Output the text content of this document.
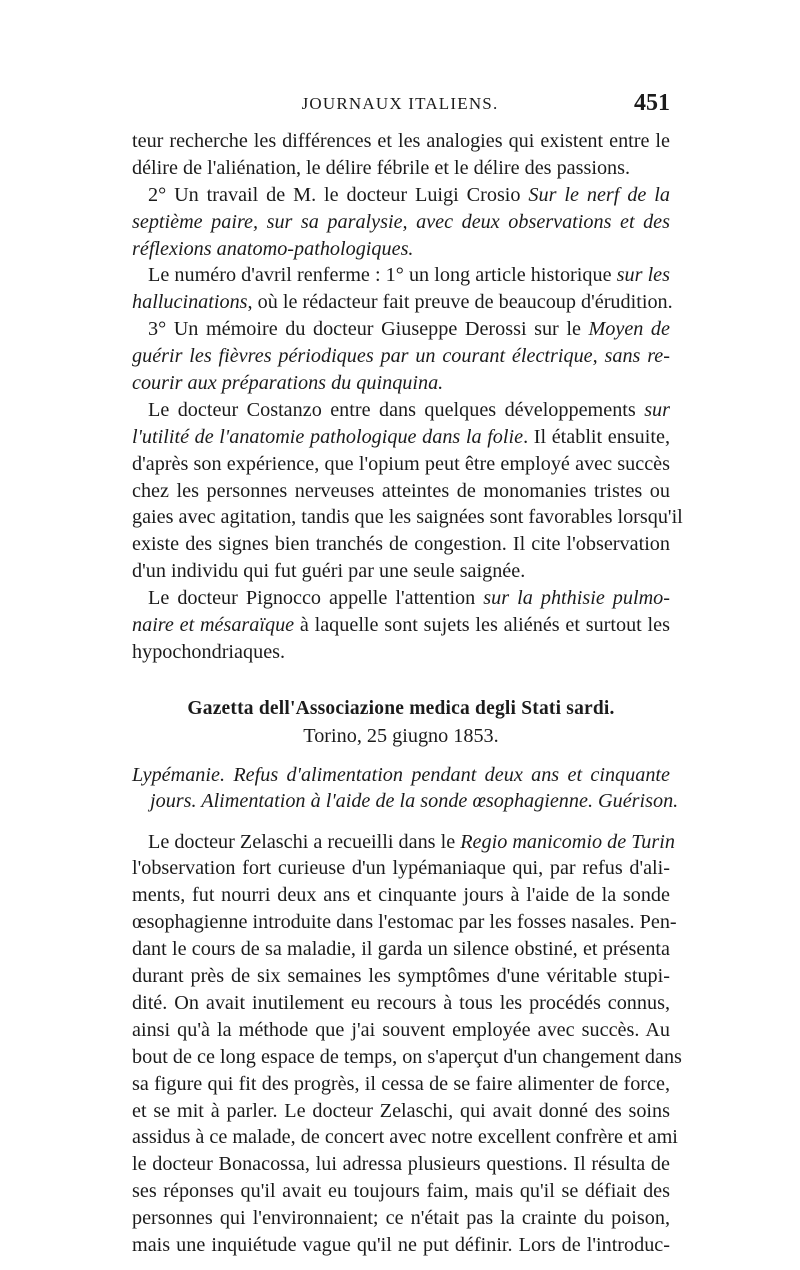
JOURNAUX ITALIENS.	451
teur recherche les différences et les analogies qui existent entre le
délire de l'aliénation, le délire fébrile et le délire des passions.
2° Un travail de M. le docteur Luigi Crosio Sur le nerf de la
septième paire, sur sa paralysie, avec deux observations et des
réflexions anatomo-pathologiques.
Le numéro d'avril renferme : 1° un long article historique sur les
hallucinations, où le rédacteur fait preuve de beaucoup d'érudition.
3° Un mémoire du docteur Giuseppe Derossi sur le Moyen de
guérir les fièvres périodiques par un courant électrique, sans re-
courir aux préparations du quinquina.
Le docteur Costanzo entre dans quelques développements sur
l'utilité de l'anatomie pathologique dans la folie. Il établit ensuite,
d'après son expérience, que l'opium peut être employé avec succès
chez les personnes nerveuses atteintes de monomanies tristes ou
gaies avec agitation, tandis que les saignées sont favorables lorsqu'il
existe des signes bien tranchés de congestion. Il cite l'observation
d'un individu qui fut guéri par une seule saignée.
Le docteur Pignocco appelle l'attention sur la phthisie pulmo-
naire et mésaraïque à laquelle sont sujets les aliénés et surtout les
hypochondriaques.
Gazetta dell'Associazione medica degli Stati sardi.
Torino, 25 giugno 1853.
Lypémanie. Refus d'alimentation pendant deux ans et cinquante
jours. Alimentation à l'aide de la sonde œsophagienne. Guérison.
Le docteur Zelaschi a recueilli dans le Regio manicomio de Turin
l'observation fort curieuse d'un lypémaniaque qui, par refus d'ali-
ments, fut nourri deux ans et cinquante jours à l'aide de la sonde
œsophagienne introduite dans l'estomac par les fosses nasales. Pen-
dant le cours de sa maladie, il garda un silence obstiné, et présenta
durant près de six semaines les symptômes d'une véritable stupi-
dité. On avait inutilement eu recours à tous les procédés connus,
ainsi qu'à la méthode que j'ai souvent employée avec succès. Au
bout de ce long espace de temps, on s'aperçut d'un changement dans
sa figure qui fit des progrès, il cessa de se faire alimenter de force,
et se mit à parler. Le docteur Zelaschi, qui avait donné des soins
assidus à ce malade, de concert avec notre excellent confrère et ami
le docteur Bonacossa, lui adressa plusieurs questions. Il résulta de
ses réponses qu'il avait eu toujours faim, mais qu'il se défiait des
personnes qui l'environnaient; ce n'était pas la crainte du poison,
mais une inquiétude vague qu'il ne put définir. Lors de l'introduc-
